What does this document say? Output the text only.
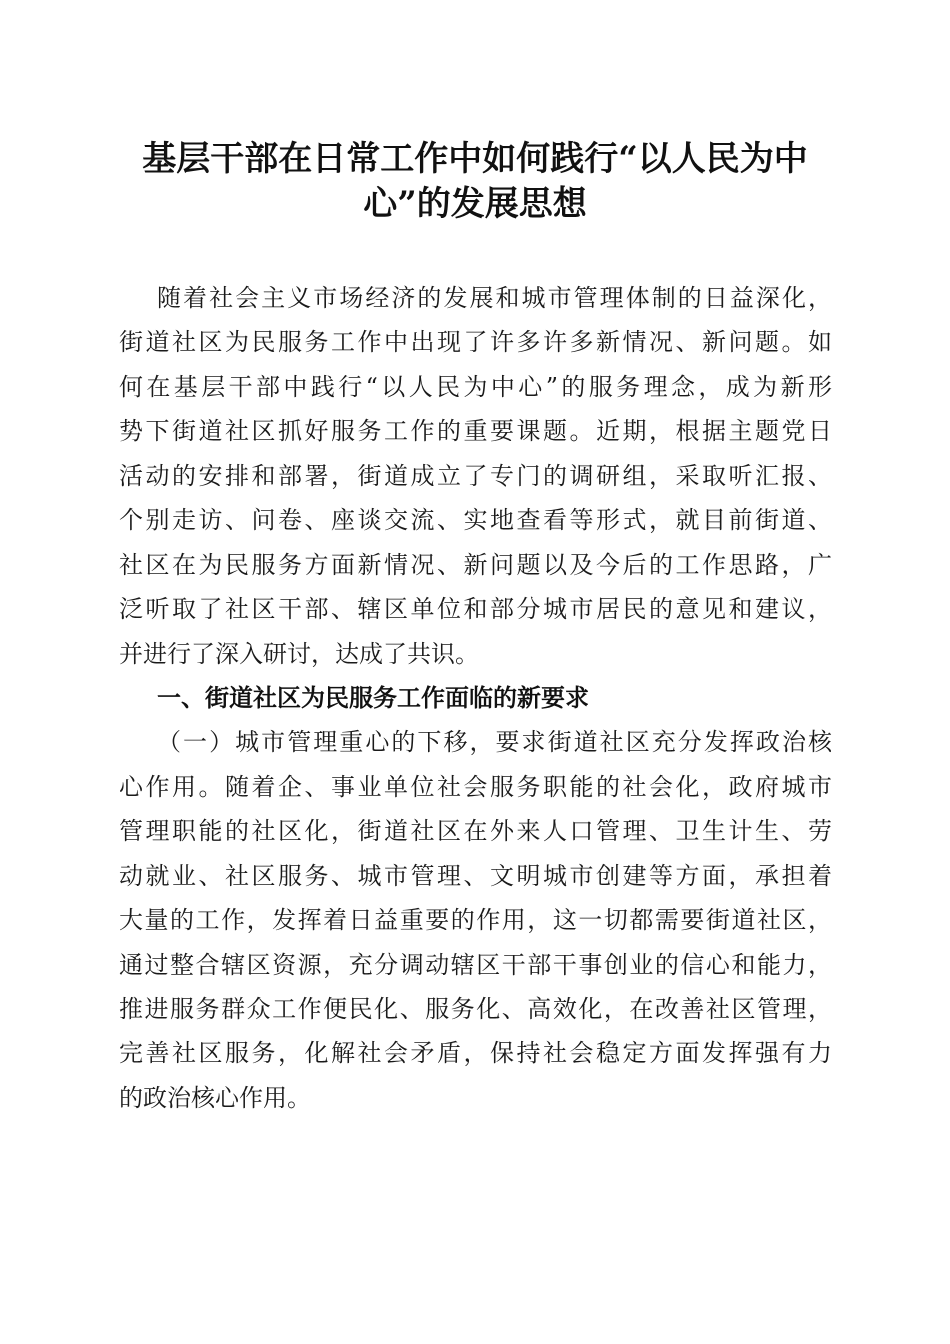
基层干部在日常工作中如何践行“以人民为中
心”的发展思想
随着社会主义市场经济的发展和城市管理体制的日益深化，
街道社区为民服务工作中出现了许多许多新情况、新问题。如
何在基层干部中践行“以人民为中心”的服务理念，成为新形
势下街道社区抓好服务工作的重要课题。近期，根据主题党日
活动的安排和部署，街道成立了专门的调研组，采取听汇报、
个别走访、问卷、座谈交流、实地查看等形式，就目前街道、
社区在为民服务方面新情况、新问题以及今后的工作思路，广
泛听取了社区干部、辖区单位和部分城市居民的意见和建议，
并进行了深入研讨，达成了共识。
一、街道社区为民服务工作面临的新要求
（一）城市管理重心的下移，要求街道社区充分发挥政治核
心作用。随着企、事业单位社会服务职能的社会化，政府城市
管理职能的社区化，街道社区在外来人口管理、卫生计生、劳
动就业、社区服务、城市管理、文明城市创建等方面，承担着
大量的工作，发挥着日益重要的作用，这一切都需要街道社区，
通过整合辖区资源，充分调动辖区干部干事创业的信心和能力，
推进服务群众工作便民化、服务化、高效化，在改善社区管理，
完善社区服务，化解社会矛盾，保持社会稳定方面发挥强有力
的政治核心作用。
